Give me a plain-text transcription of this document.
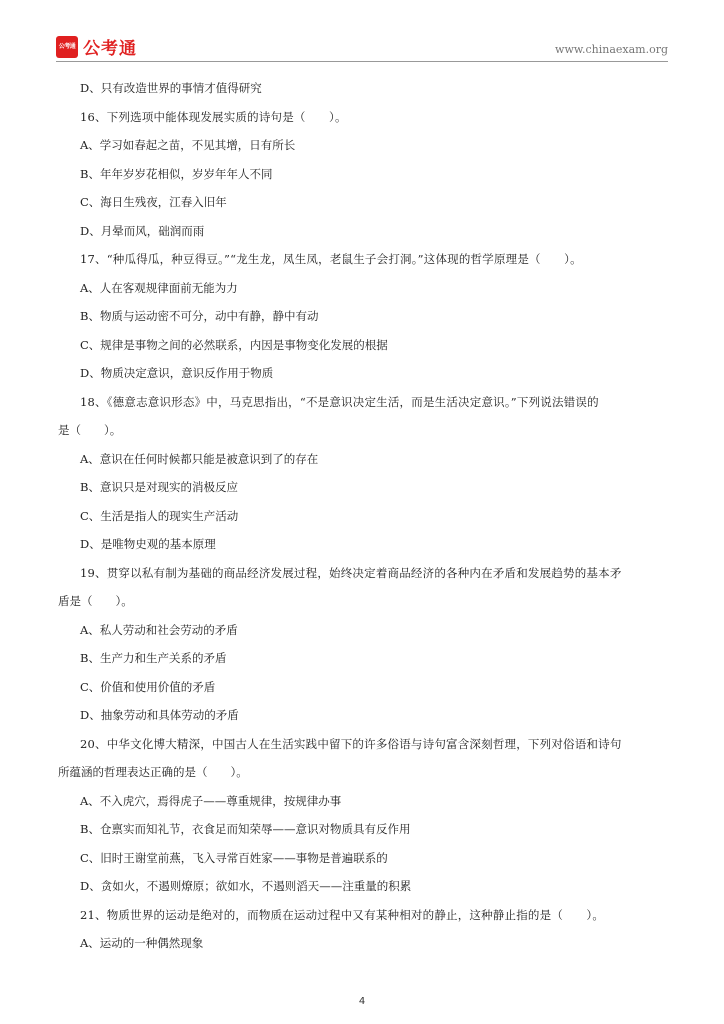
公考通 公考通	www.chinaexam.org
D、只有改造世界的事情才值得研究
16、下列选项中能体现发展实质的诗句是（　　）。
A、学习如春起之苗，不见其增，日有所长
B、年年岁岁花相似，岁岁年年人不同
C、海日生残夜，江春入旧年
D、月晕而风，础润而雨
17、“种瓜得瓜，种豆得豆。”“龙生龙，凤生凤，老鼠生子会打洞。”这体现的哲学原理是（　　）。
A、人在客观规律面前无能为力
B、物质与运动密不可分，动中有静，静中有动
C、规律是事物之间的必然联系，内因是事物变化发展的根据
D、物质决定意识，意识反作用于物质
18、《德意志意识形态》中，马克思指出，“不是意识决定生活，而是生活决定意识。”下列说法错误的
是（　　）。
A、意识在任何时候都只能是被意识到了的存在
B、意识只是对现实的消极反应
C、生活是指人的现实生产活动
D、是唯物史观的基本原理
19、贯穿以私有制为基础的商品经济发展过程，始终决定着商品经济的各种内在矛盾和发展趋势的基本矛
盾是（　　）。
A、私人劳动和社会劳动的矛盾
B、生产力和生产关系的矛盾
C、价值和使用价值的矛盾
D、抽象劳动和具体劳动的矛盾
20、中华文化博大精深，中国古人在生活实践中留下的许多俗语与诗句富含深刻哲理，下列对俗语和诗句
所蕴涵的哲理表达正确的是（　　）。
A、不入虎穴，焉得虎子——尊重规律，按规律办事
B、仓禀实而知礼节，衣食足而知荣辱——意识对物质具有反作用
C、旧时王谢堂前燕，飞入寻常百姓家——事物是普遍联系的
D、贪如火，不遏则燎原；欲如水，不遏则滔天——注重量的积累
21、物质世界的运动是绝对的，而物质在运动过程中又有某种相对的静止，这种静止指的是（　　）。
A、运动的一种偶然现象
4
